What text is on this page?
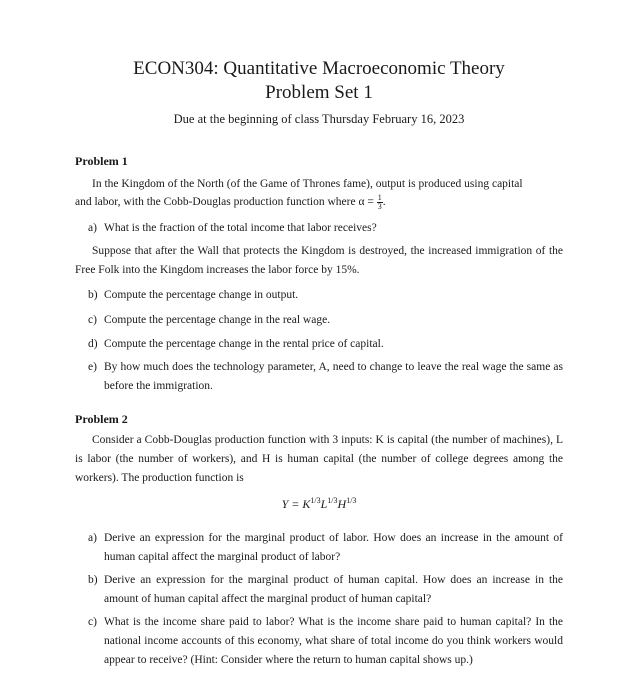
ECON304: Quantitative Macroeconomic Theory
Problem Set 1
Due at the beginning of class Thursday February 16, 2023
Problem 1
In the Kingdom of the North (of the Game of Thrones fame), output is produced using capital
and labor, with the Cobb-Douglas production function where $\alpha = \frac{1}{3}$ .
a) What is the fraction of the total income that labor receives?
Suppose that after the Wall that protects the Kingdom is destroyed, the increased immigration of the Free Folk into the Kingdom increases the labor force by 15%.
b) Compute the percentage change in output.
c) Compute the percentage change in the real wage.
d) Compute the percentage change in the rental price of capital.
e) By how much does the technology parameter, A, need to change to leave the real wage the same as before the immigration.
Problem 2
Consider a Cobb-Douglas production function with 3 inputs: K is capital (the number of machines), L is labor (the number of workers), and H is human capital (the number of college degrees among the workers). The production function is
$Y = K^{1/3}L^{1/3}H^{1/3}$
a) Derive an expression for the marginal product of labor. How does an increase in the amount of human capital affect the marginal product of labor?
b) Derive an expression for the marginal product of human capital. How does an increase in the amount of human capital affect the marginal product of human capital?
c) What is the income share paid to labor? What is the income share paid to human capital? In the national income accounts of this economy, what share of total income do you think workers would appear to receive? (Hint: Consider where the return to human capital shows up.)
